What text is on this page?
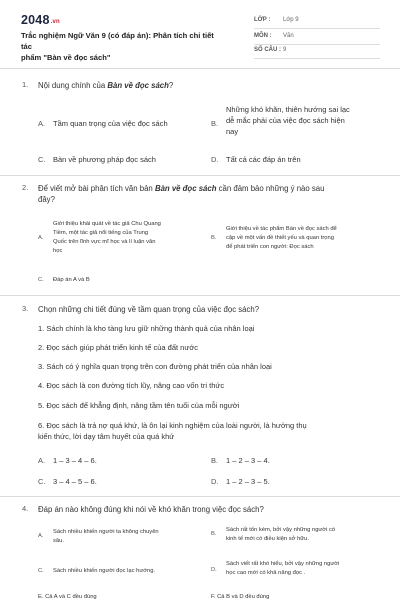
2048.vn
Trắc nghiệm Ngữ Văn 9 (có đáp án): Phân tích chi tiết tác
phẩm "Bàn về đọc sách"
LỚP : Lớp 9
MÔN : Văn
SỐ CÂU : 9
1. Nội dung chính của Bàn về đọc sách?
A. Tầm quan trọng của việc đọc sách	B.
Những khó khăn, thiên hướng sai lạc
dễ mắc phải của việc đọc sách hiện
nay
C. Bàn về phương pháp đọc sách	D. Tất cả các đáp án trên
2. Để viết mở bài phân tích văn bản Bàn về đọc sách cần đảm bảo những ý nào sau
đây?
A.
Giới thiệu khái quát về tác giả Chu Quang
Tiềm, một tác giả nổi tiếng của Trung
Quốc trên lĩnh vực mĩ học và lí luận văn
học
B.
Giới thiệu về tác phẩm Bàn về đọc sách để
cập về một vấn đề thiết yếu và quan trọng
để phát triển con người: Đọc sách
C. Đáp án A và B
3. Chọn những chi tiết đúng về tầm quan trọng của việc đọc sách?
1. Sách chính là kho tàng lưu giữ những thành quả của nhân loại
2. Đọc sách giúp phát triển kinh tế của đất nước
3. Sách có ý nghĩa quan trọng trên con đường phát triển của nhân loại
4. Đọc sách là con đường tích lũy, nâng cao vốn tri thức
5. Đọc sách để khẳng định, nâng tầm tên tuổi của mỗi người
6. Đọc sách là trả nợ quá khứ, là ôn lại kinh nghiệm của loài người, là hưởng thụ
kiến thức, lời dạy tâm huyết của quá khứ
A. 1 – 3 – 4 – 6.	B. 1 – 2 – 3 – 4.
C. 3 – 4 – 5 – 6.	D. 1 – 2 – 3 – 5.
4. Đáp án nào không đúng khi nói về khó khăn trong việc đọc sách?
A.
Sách nhiều khiến người ta không chuyên
sâu.
B.
Sách rất tốn kém, bởi vậy những người có
kinh tế mới có điều kiện sở hữu.
C. Sách nhiều khiến người đọc lạc hướng.	D.
Sách viết rất khó hiểu, bởi vậy những người
học cao mới có khả năng đọc .
E. Cả A và C đều đúng	F. Cả B và D đều đúng
